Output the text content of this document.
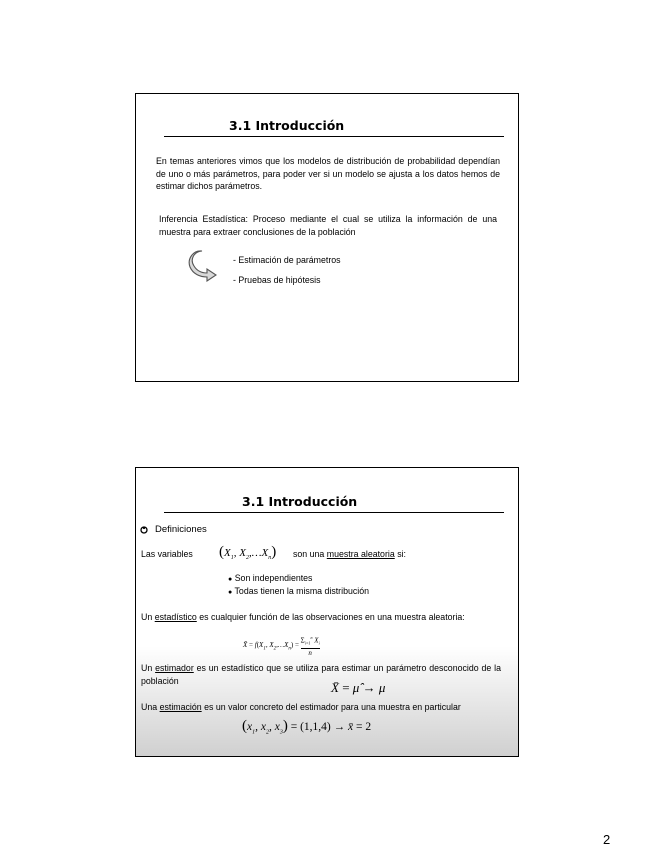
3.1 Introducción
En temas anteriores vimos que los modelos de distribución de probabilidad dependían de uno o más parámetros, para poder ver si un modelo se ajusta a los datos hemos de estimar dichos parámetros.
Inferencia Estadística: Proceso mediante el cual se utiliza la información de una muestra para extraer conclusiones de la población
- Estimación de parámetros
- Pruebas de hipótesis
3.1 Introducción
Definiciones
Las variables ($X_1$, $X_2,\dots X_n$) son una muestra aleatoria si:
● Son independientes
● Todas tienen la misma distribución
Un estadístico es cualquier función de las observaciones en una muestra aleatoria:
X̄ = $f(X_1$, $X_2,\dots X_n) = \frac{\Sigma_{i=1}^n X_i}{n}$
Un estimador es un estadístico que se utiliza para estimar un parámetro desconocido de la población	X̄ = μ̂ → μ
Una estimación es un valor concreto del estimador para una muestra en particular
($x_1$, $x_2$, $x_3) = (1,1,4)$ → x̄ = 2
2
